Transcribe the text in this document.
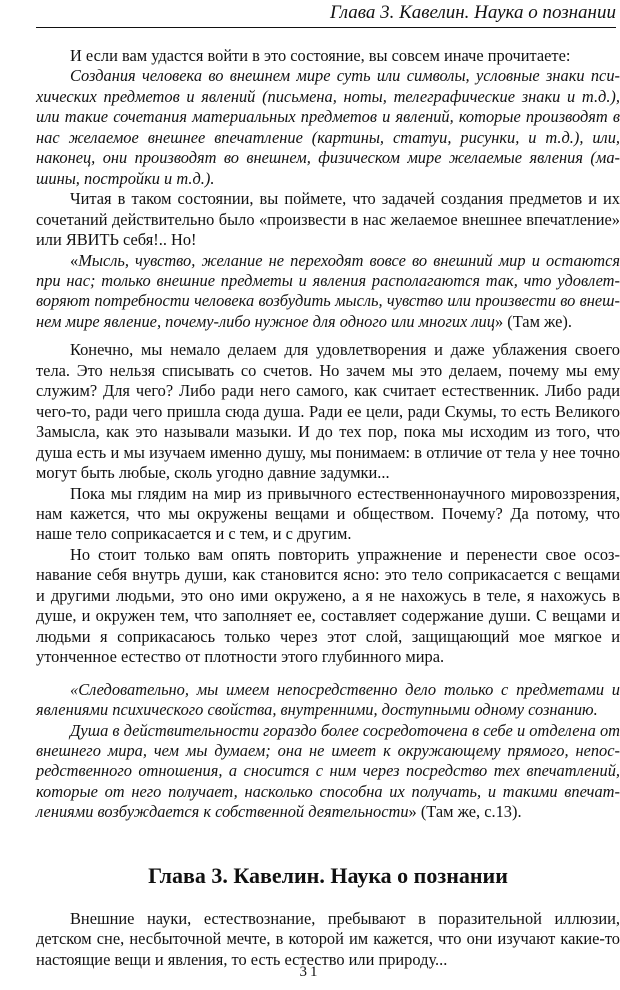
Глава 3. Кавелин. Наука о познании

И если вам удастся войти в это состояние, вы совсем иначе прочитаете:

Создания человека во внешнем мире суть или символы, условные знаки психических предметов и явлений (письмена, ноты, телеграфические знаки и т.д.), или такие сочетания материальных предметов и явлений, которые производят в нас желаемое внешнее впечатление (картины, статуи, рисунки, и т.д.), или, наконец, они производят во внешнем, физическом мире желаемые явления (машины, постройки и т.д.).

Читая в таком состоянии, вы поймете, что задачей создания предметов и их сочетаний действительно было «произвести в нас желаемое внешнее впечатление» или ЯВИТЬ себя!.. Но!

«Мысль, чувство, желание не переходят вовсе во внешний мир и остаются при нас; только внешние предметы и явления располагаются так, что удовлетворяют потребности человека возбудить мысль, чувство или произвести во внешнем мире явление, почему-либо нужное для одного или многих лиц» (Там же).

Конечно, мы немало делаем для удовлетворения и даже ублажения своего тела. Это нельзя списывать со счетов. Но зачем мы это делаем, почему мы ему служим? Для чего? Либо ради него самого, как считает естественник. Либо ради чего-то, ради чего пришла сюда душа. Ради ее цели, ради Скумы, то есть Великого Замысла, как это называли мазыки. И до тех пор, пока мы исходим из того, что душа есть и мы изучаем именно душу, мы понимаем: в отличие от тела у нее точно могут быть любые, сколь угодно давние задумки...

Пока мы глядим на мир из привычного естественнонаучного мировоззрения, нам кажется, что мы окружены вещами и обществом. Почему? Да потому, что наше тело соприкасается и с тем, и с другим.

Но стоит только вам опять повторить упражнение и перенести свое осознавание себя внутрь души, как становится ясно: это тело соприкасается с вещами и другими людьми, это оно ими окружено, а я не нахожусь в теле, я нахожусь в душе, и окружен тем, что заполняет ее, составляет содержание души. С вещами и людьми я соприкасаюсь только через этот слой, защищающий мое мягкое и утонченное естество от плотности этого глубинного мира.

«Следовательно, мы имеем непосредственно дело только с предметами и явлениями психического свойства, внутренними, доступными одному сознанию.

Душа в действительности гораздо более сосредоточена в себе и отделена от внешнего мира, чем мы думаем; она не имеет к окружающему прямого, непосредственного отношения, а сносится с ним через посредство тех впечатлений, которые от него получает, насколько способна их получать, и такими впечатлениями возбуждается к собственной деятельности» (Там же, с.13).

Глава 3. Кавелин. Наука о познании

Внешние науки, естествознание, пребывают в поразительной иллюзии, детском сне, несбыточной мечте, в которой им кажется, что они изучают какие-то настоящие вещи и явления, то есть естество или природу...

31
